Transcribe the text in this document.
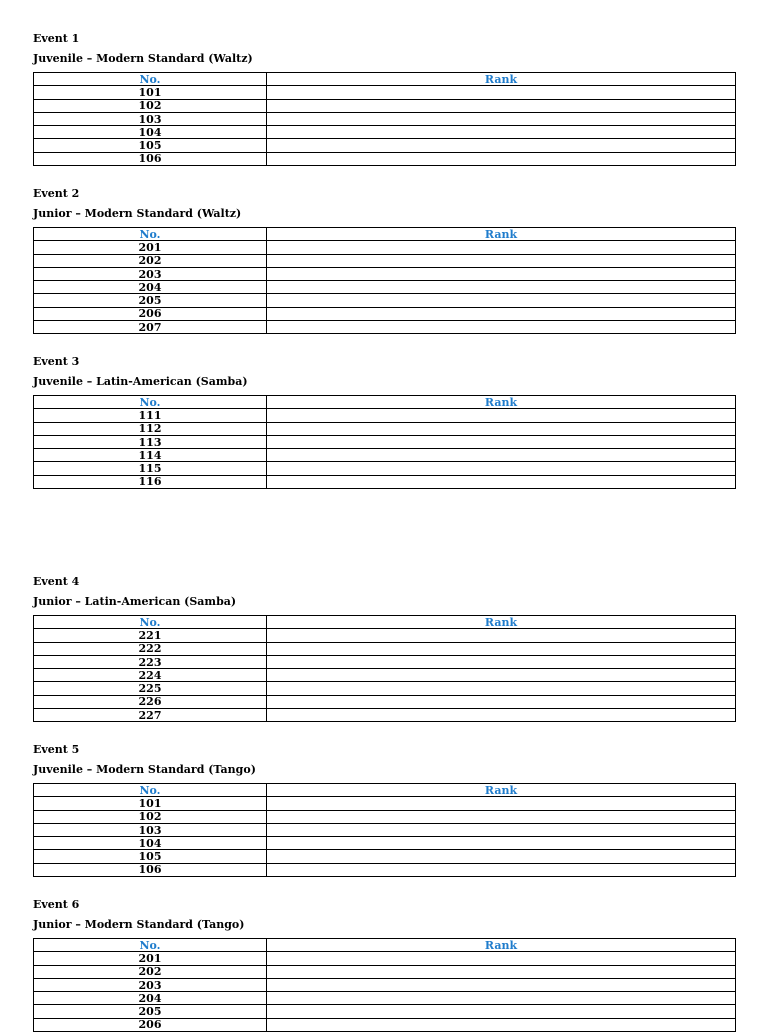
Event 1
Juvenile – Modern Standard (Waltz)
No.	Rank
101	
102	
103	
104	
105	
106	
Event 2
Junior – Modern Standard (Waltz)
No.	Rank
201	
202	
203	
204	
205	
206	
207	
Event 3
Juvenile – Latin-American (Samba)
No.	Rank
111	
112	
113	
114	
115	
116	
Event 4
Junior – Latin-American (Samba)
No.	Rank
221	
222	
223	
224	
225	
226	
227	
Event 5
Juvenile – Modern Standard (Tango)
No.	Rank
101	
102	
103	
104	
105	
106	
Event 6
Junior – Modern Standard (Tango)
No.	Rank
201	
202	
203	
204	
205	
206	
